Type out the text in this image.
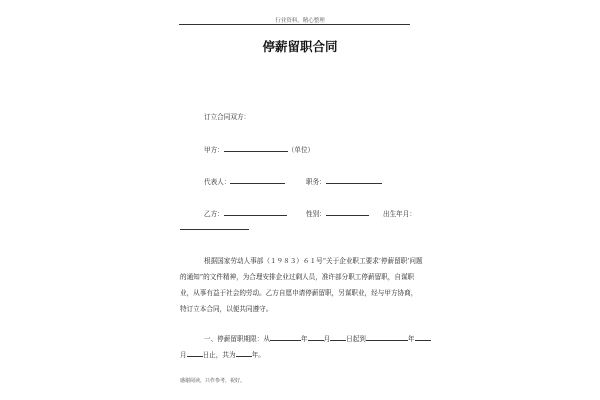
行业资料，精心整理
停薪留职合同
订立合同双方：
甲方：	（单位）
代表人：	职务：
乙方：	性别：	出生年月：
根据国家劳动人事部（１９８３）６１号“关于企业职工要求‘停薪留职’问题
的通知”的文件精神，为合理安排企业过剩人员，准许部分职工停薪留职，自谋职
业，从事有益于社会的劳动。乙方自愿申请停薪留职，另谋职业，经与甲方协商，
特订立本合同，以便共同遵守。
一、停薪留职期限：从	年 月 日起到	年
月 日止，共为 年。
感谢阅读，只作参考，祝好。
